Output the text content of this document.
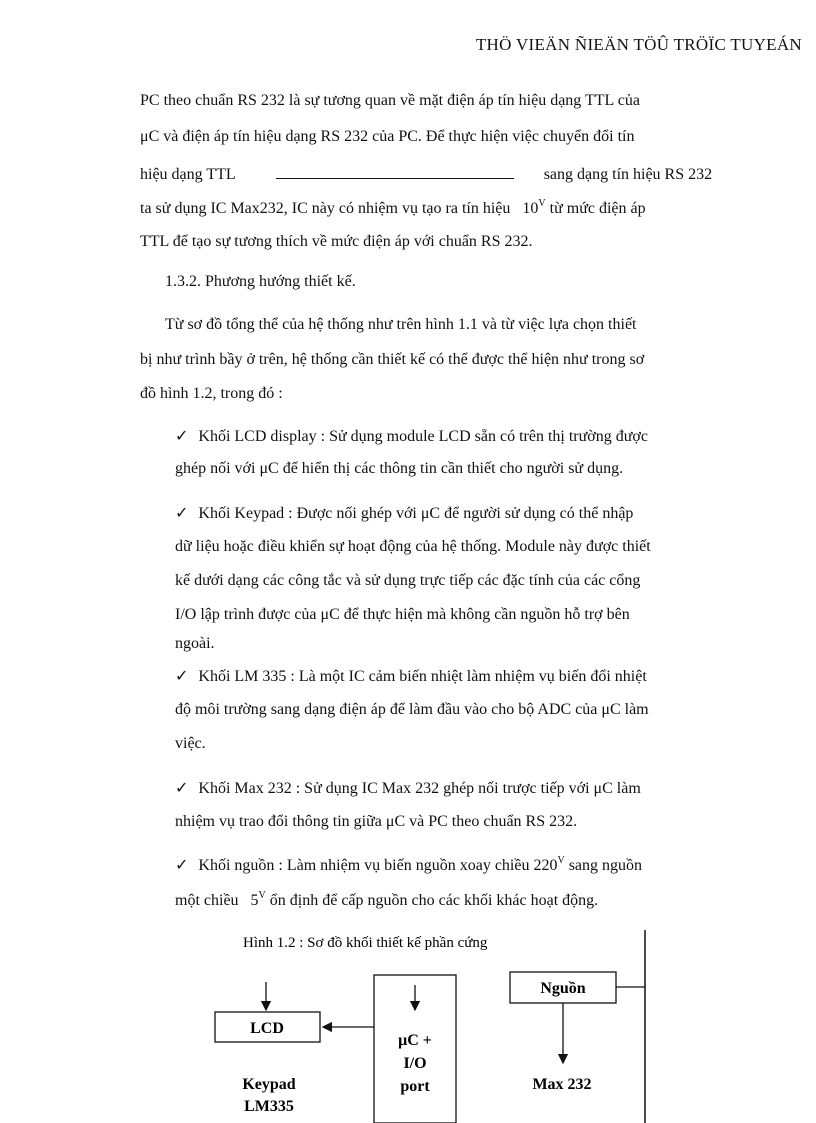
THÖ VIEÄN ÑIEÄN TÖÛ TRÖÏC TUYEÁN
PC theo chuẩn RS 232 là sự tương quan về mặt điện áp tín hiệu dạng TTL của
μC và điện áp tín hiệu dạng RS 232 của PC. Để thực hiện việc chuyển đổi tín
hiệu dạng TTL	sang dạng tín hiệu RS 232
ta sử dụng IC Max232, IC này có nhiệm vụ tạo ra tín hiệu $10^V$ từ mức điện áp
TTL để tạo sự tương thích về mức điện áp với chuẩn RS 232.
1.3.2. Phương hướng thiết kế.
Từ sơ đồ tổng thể của hệ thống như trên hình 1.1 và từ việc lựa chọn thiết
bị như trình bầy ở trên, hệ thống cần thiết kế có thể được thể hiện như trong sơ
đồ hình 1.2, trong đó :
✓ Khối LCD display : Sử dụng module LCD sẵn có trên thị trường được
ghép nối với μC để hiển thị các thông tin cần thiết cho người sử dụng.
✓ Khối Keypad : Được nối ghép với μC để người sử dụng có thể nhập
dữ liệu hoặc điều khiển sự hoạt động của hệ thống. Module này được thiết
kế dưới dạng các công tắc và sử dụng trực tiếp các đặc tính của các cổng
I/O lập trình được của μC để thực hiện mà không cần nguồn hỗ trợ bên
ngoài.
✓ Khối LM 335 : Là một IC cảm biến nhiệt làm nhiệm vụ biến đổi nhiệt
độ môi trường sang dạng điện áp để làm đầu vào cho bộ ADC của μC làm
việc.
✓ Khối Max 232 : Sử dụng IC Max 232 ghép nối trược tiếp với μC làm
nhiệm vụ trao đổi thông tin giữa μC và PC theo chuẩn RS 232.
✓ Khối nguồn : Làm nhiệm vụ biến nguồn xoay chiều $220^V$ sang nguồn
một chiều $5^V$ ổn định để cấp nguồn cho các khối khác hoạt động.
Hình 1.2 : Sơ đồ khối thiết kế phần cứng
LCD
μC +
I/O
port
Keypad
LM335
Nguồn
Max 232
